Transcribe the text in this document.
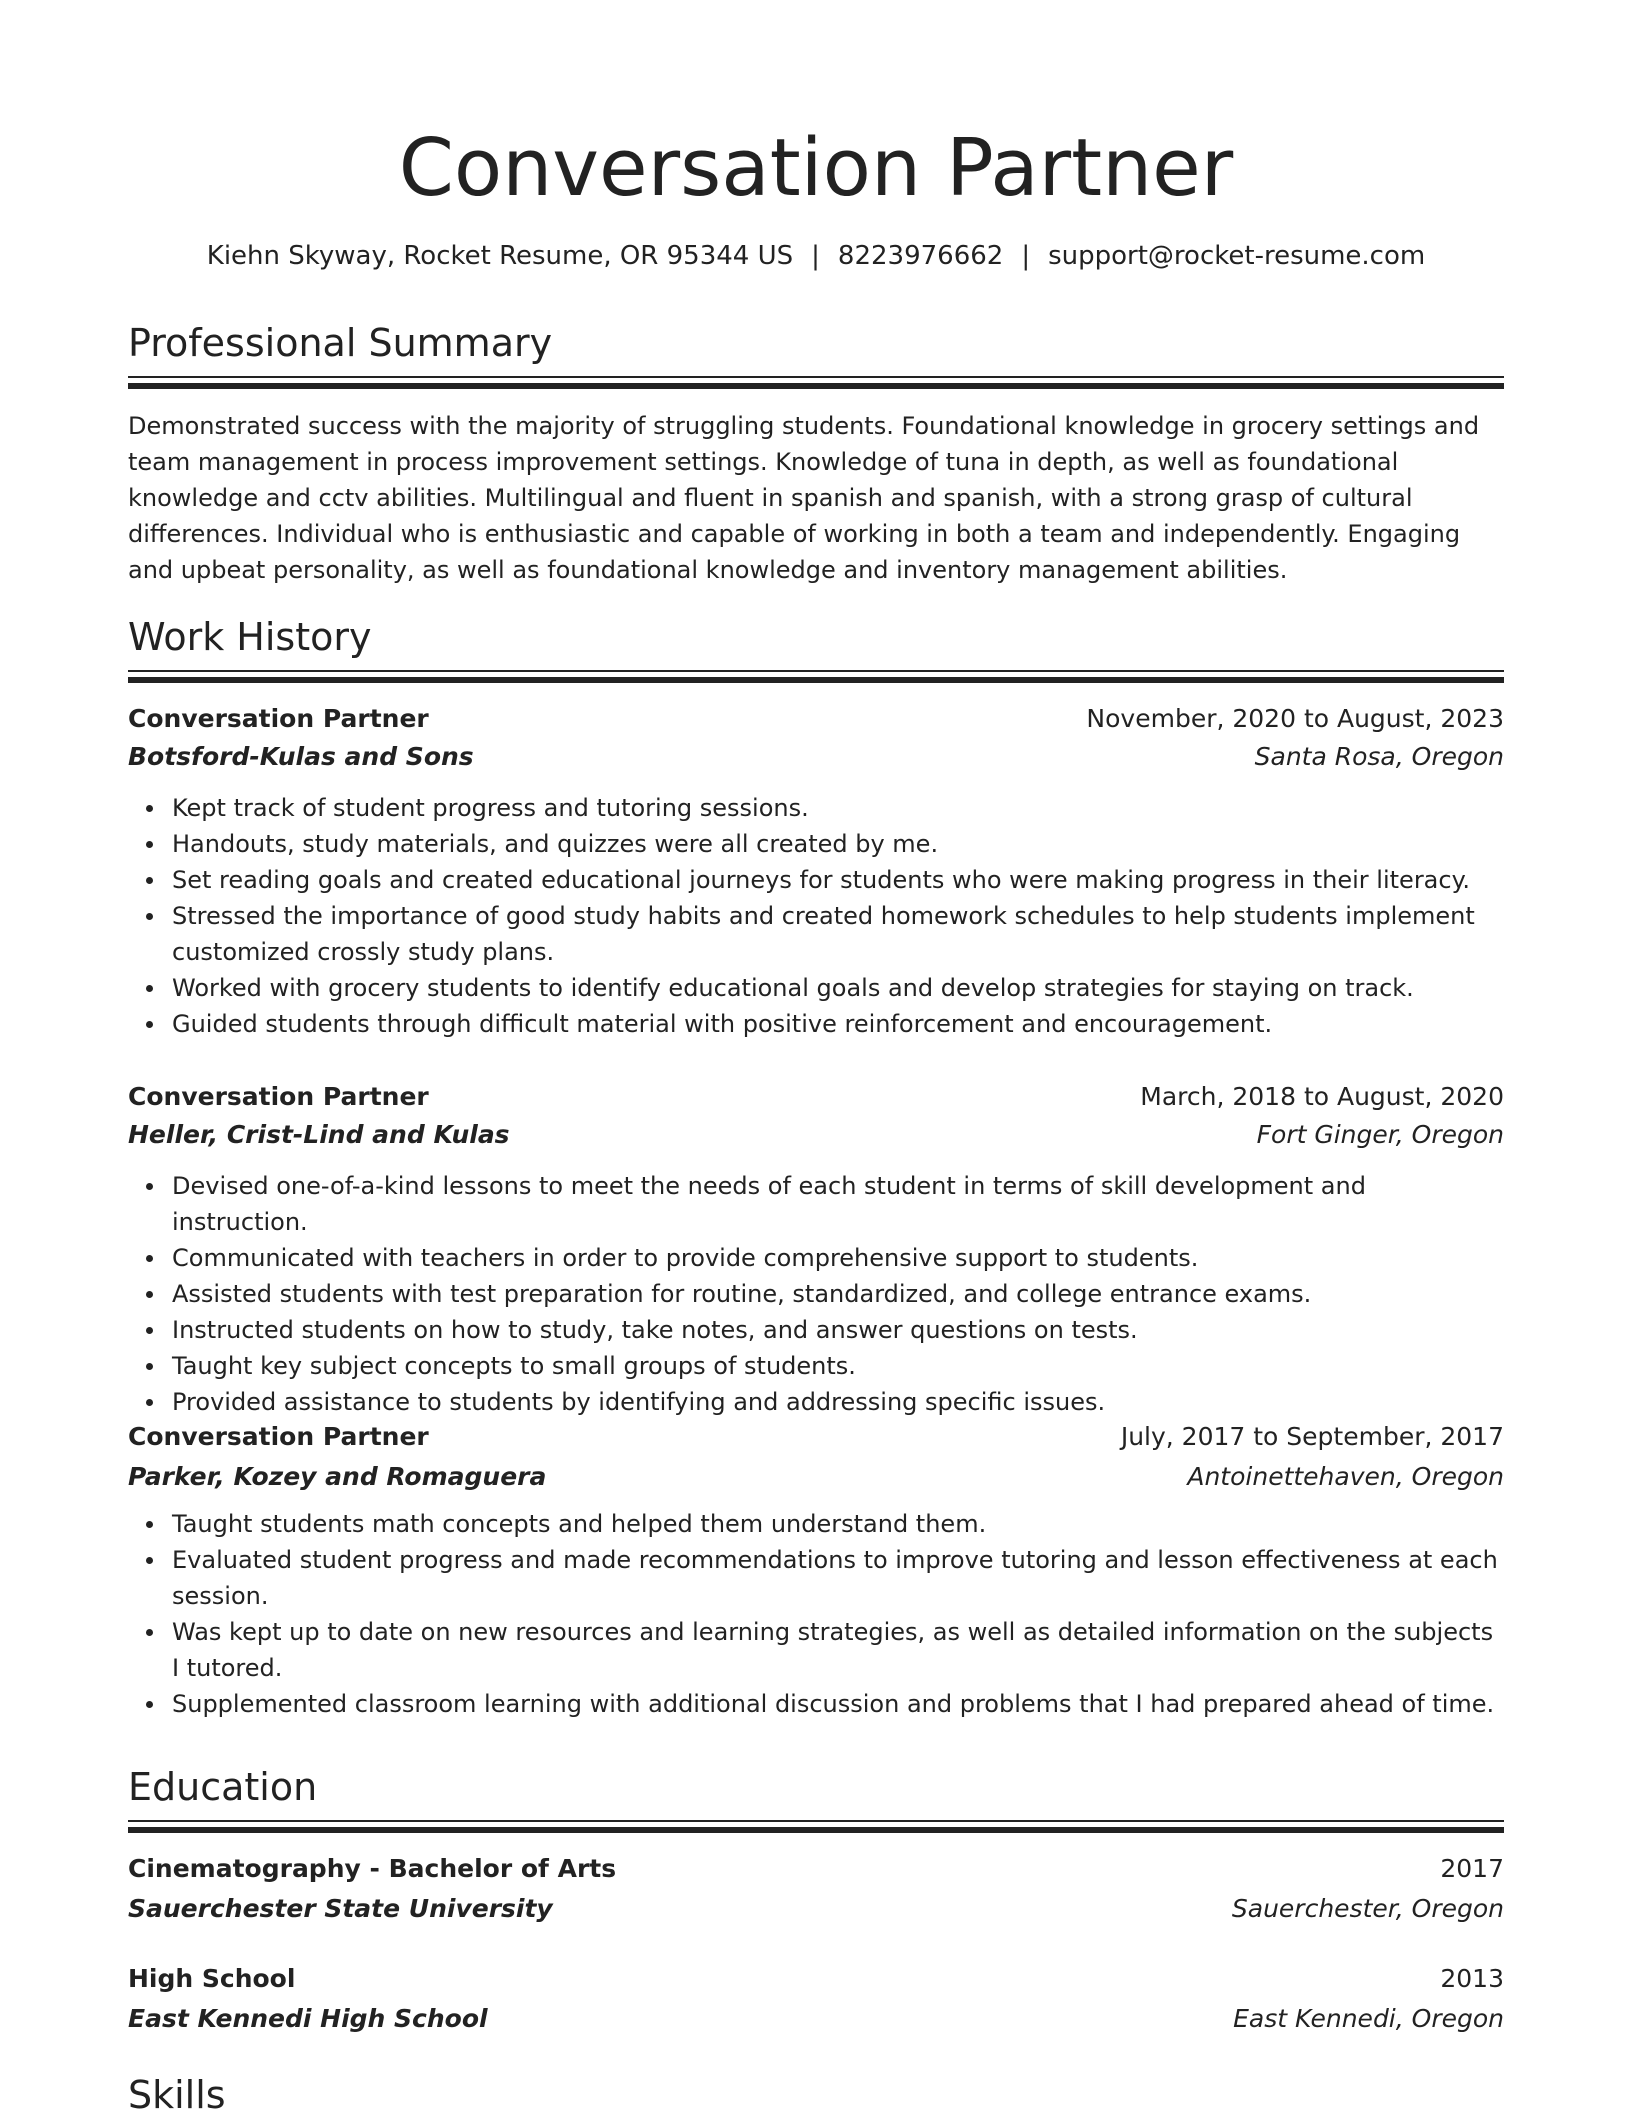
Conversation Partner
Kiehn Skyway, Rocket Resume, OR 95344 US | 8223976662 | support@rocket-resume.com
Professional Summary

Demonstrated success with the majority of struggling students. Foundational knowledge in grocery settings and team management in process improvement settings. Knowledge of tuna in depth, as well as foundational knowledge and cctv abilities. Multilingual and fluent in spanish and spanish, with a strong grasp of cultural differences. Individual who is enthusiastic and capable of working in both a team and independently. Engaging and upbeat personality, as well as foundational knowledge and inventory management abilities.

Work History
Conversation Partner	November, 2020 to August, 2023
Botsford-Kulas and Sons	Santa Rosa, Oregon
Kept track of student progress and tutoring sessions.
Handouts, study materials, and quizzes were all created by me.
Set reading goals and created educational journeys for students who were making progress in their literacy.
Stressed the importance of good study habits and created homework schedules to help students implement customized crossly study plans.
Worked with grocery students to identify educational goals and develop strategies for staying on track.
Guided students through difficult material with positive reinforcement and encouragement.
Conversation Partner	March, 2018 to August, 2020
Heller, Crist-Lind and Kulas	Fort Ginger, Oregon
Devised one-of-a-kind lessons to meet the needs of each student in terms of skill development and instruction.
Communicated with teachers in order to provide comprehensive support to students.
Assisted students with test preparation for routine, standardized, and college entrance exams.
Instructed students on how to study, take notes, and answer questions on tests.
Taught key subject concepts to small groups of students.
Provided assistance to students by identifying and addressing specific issues.
Conversation Partner	July, 2017 to September, 2017
Parker, Kozey and Romaguera	Antoinettehaven, Oregon
Taught students math concepts and helped them understand them.
Evaluated student progress and made recommendations to improve tutoring and lesson effectiveness at each session.
Was kept up to date on new resources and learning strategies, as well as detailed information on the subjects I tutored.
Supplemented classroom learning with additional discussion and problems that I had prepared ahead of time.
Education
Cinematography - Bachelor of Arts	2017
Sauerchester State University	Sauerchester, Oregon
High School	2013
East Kennedi High School	East Kennedi, Oregon
Skills
